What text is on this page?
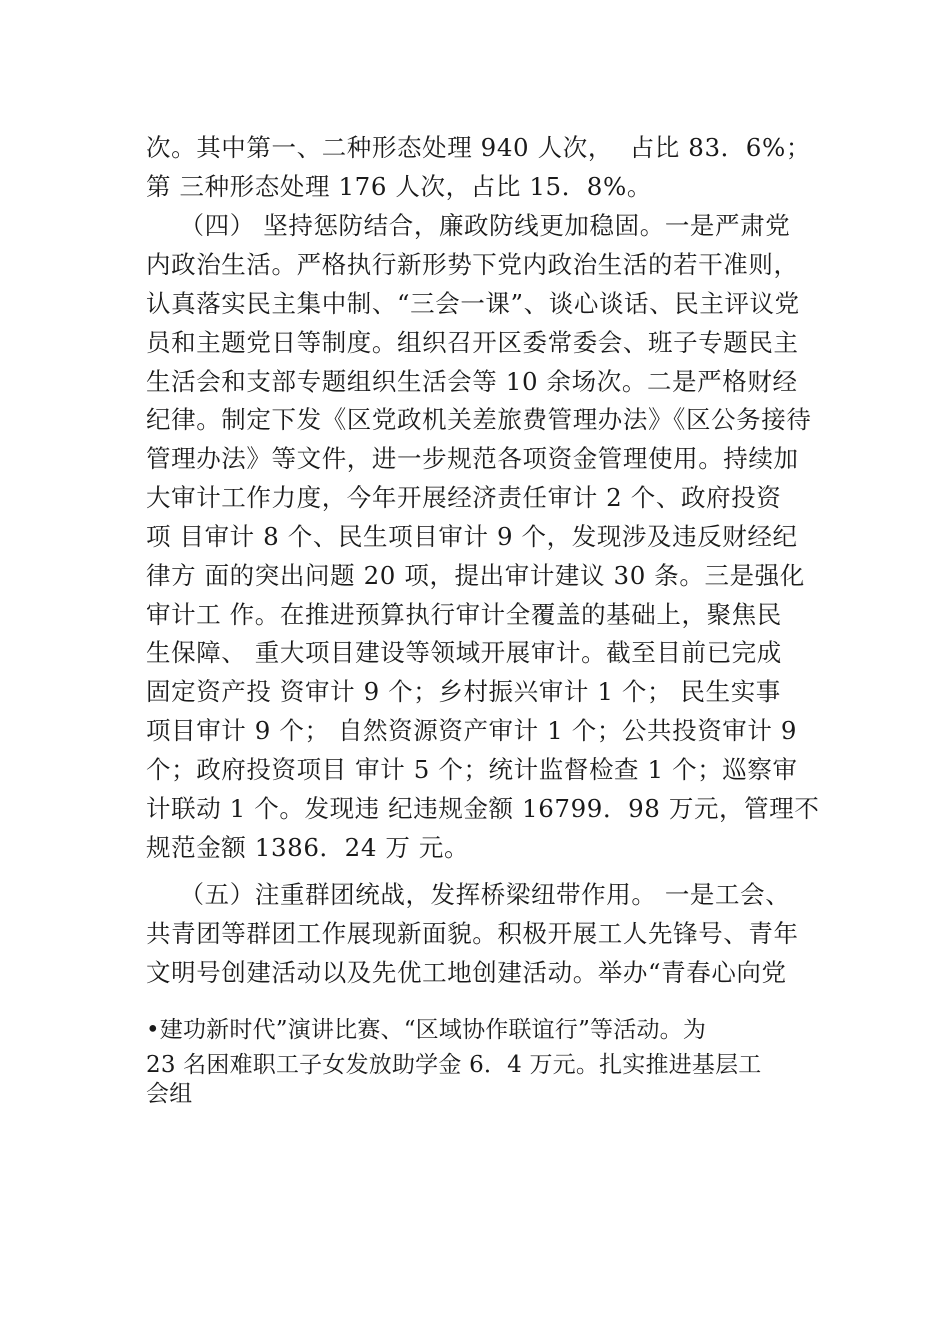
次。其中第一、二种形态处理 940 人次，  占比 83．6%；
第 三种形态处理 176 人次，占比 15．8%。
（四） 坚持惩防结合，廉政防线更加稳固。一是严肃党
内政治生活。严格执行新形势下党内政治生活的若干准则，
认真落实民主集中制、“三会一课”、谈心谈话、民主评议党
员和主题党日等制度。组织召开区委常委会、班子专题民主
生活会和支部专题组织生活会等 10 余场次。二是严格财经
纪律。制定下发《区党政机关差旅费管理办法》《区公务接待
管理办法》等文件，进一步规范各项资金管理使用。持续加
大审计工作力度，今年开展经济责任审计 2 个、政府投资
项 目审计 8 个、民生项目审计 9 个，发现涉及违反财经纪
律方 面的突出问题 20 项，提出审计建议 30 条。三是强化
审计工 作。在推进预算执行审计全覆盖的基础上，聚焦民
生保障、 重大项目建设等领域开展审计。截至目前已完成
固定资产投 资审计 9 个；乡村振兴审计 1 个； 民生实事
项目审计 9 个； 自然资源资产审计 1 个；公共投资审计 9
个；政府投资项目 审计 5 个；统计监督检查 1 个；巡察审
计联动 1 个。发现违 纪违规金额 16799．98 万元，管理不
规范金额 1386．24 万 元。
（五）注重群团统战，发挥桥梁纽带作用。 一是工会、
共青团等群团工作展现新面貌。积极开展工人先锋号、青年
文明号创建活动以及先优工地创建活动。举办“青春心向党
•建功新时代”演讲比赛、“区域协作联谊行”等活动。为
23 名困难职工子女发放助学金 6．4 万元。扎实推进基层工
会组
